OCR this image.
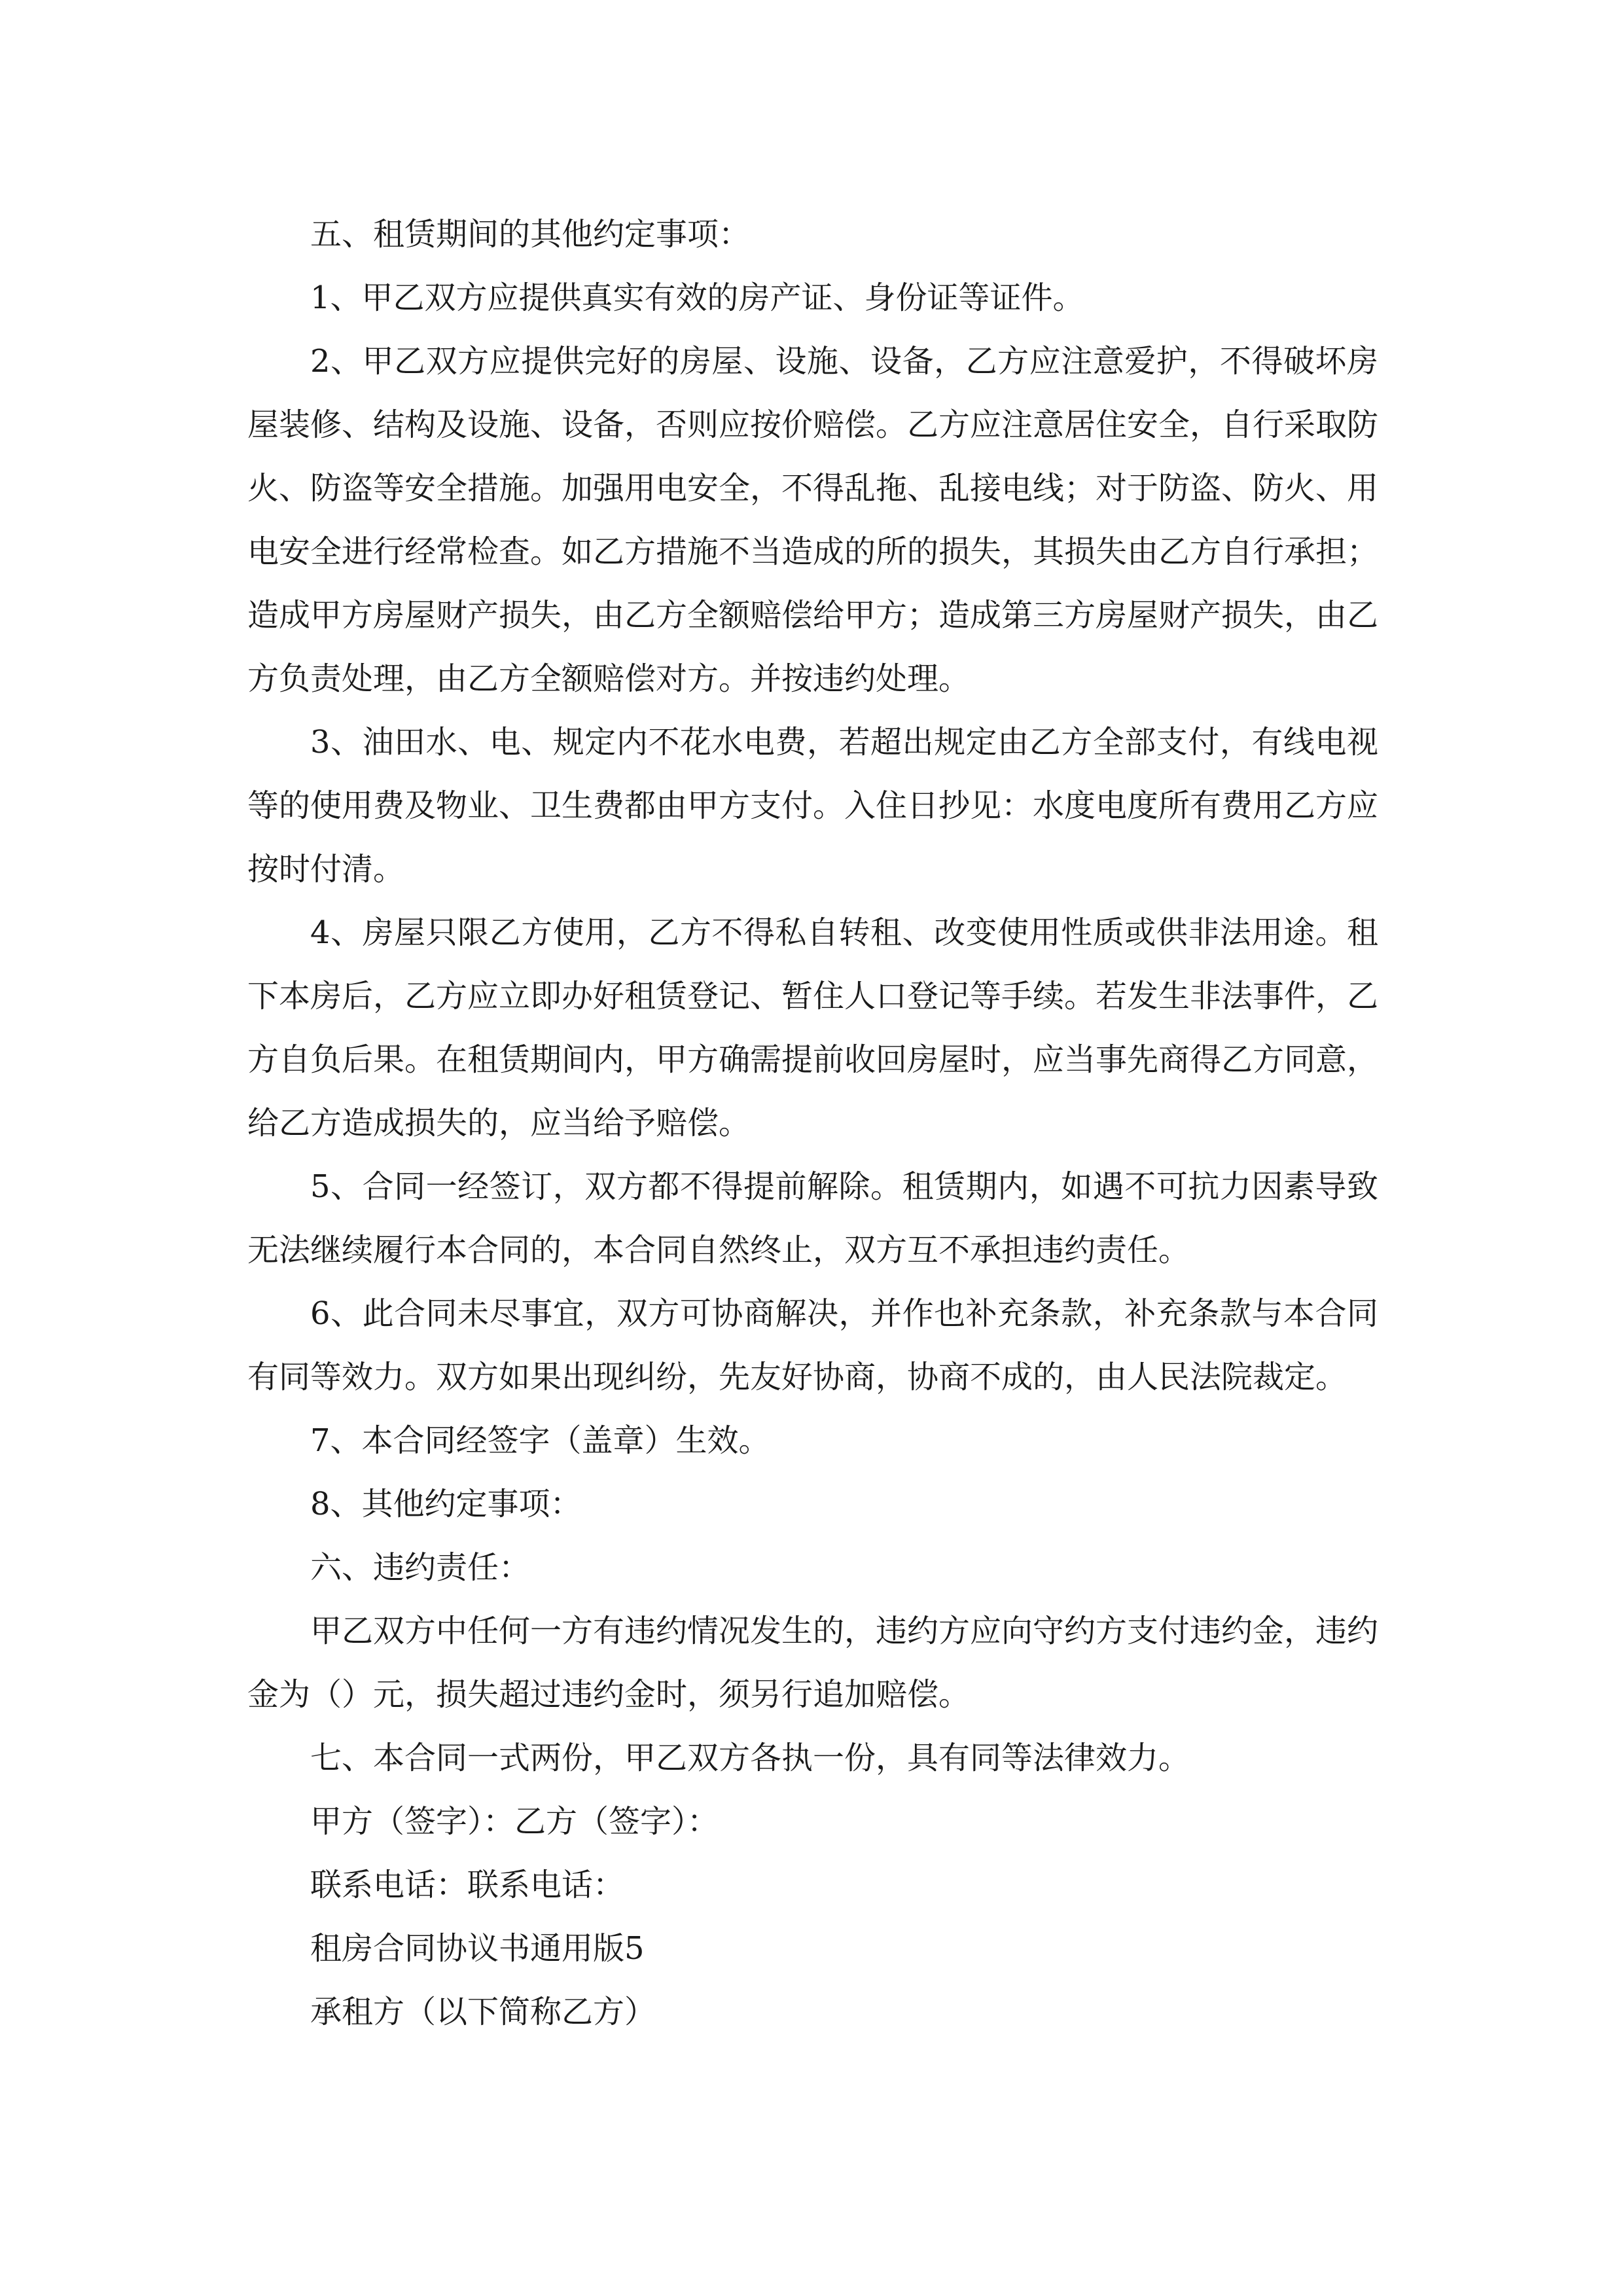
五、租赁期间的其他约定事项：

1、甲乙双方应提供真实有效的房产证、身份证等证件。

2、甲乙双方应提供完好的房屋、设施、设备，乙方应注意爱护，不得破坏房屋装修、结构及设施、设备，否则应按价赔偿。乙方应注意居住安全，自行采取防火、防盗等安全措施。加强用电安全，不得乱拖、乱接电线；对于防盗、防火、用电安全进行经常检查。如乙方措施不当造成的所的损失，其损失由乙方自行承担；造成甲方房屋财产损失，由乙方全额赔偿给甲方；造成第三方房屋财产损失，由乙方负责处理，由乙方全额赔偿对方。并按违约处理。

3、油田水、电、规定内不花水电费，若超出规定由乙方全部支付，有线电视等的使用费及物业、卫生费都由甲方支付。入住日抄见：水度电度所有费用乙方应按时付清。

4、房屋只限乙方使用，乙方不得私自转租、改变使用性质或供非法用途。租下本房后，乙方应立即办好租赁登记、暂住人口登记等手续。若发生非法事件，乙方自负后果。在租赁期间内，甲方确需提前收回房屋时，应当事先商得乙方同意，给乙方造成损失的，应当给予赔偿。

5、合同一经签订，双方都不得提前解除。租赁期内，如遇不可抗力因素导致无法继续履行本合同的，本合同自然终止，双方互不承担违约责任。

6、此合同未尽事宜，双方可协商解决，并作也补充条款，补充条款与本合同有同等效力。双方如果出现纠纷，先友好协商，协商不成的，由人民法院裁定。

7、本合同经签字（盖章）生效。

8、其他约定事项：

六、违约责任：

甲乙双方中任何一方有违约情况发生的，违约方应向守约方支付违约金，违约金为（）元，损失超过违约金时，须另行追加赔偿。

七、本合同一式两份，甲乙双方各执一份，具有同等法律效力。

甲方（签字）：乙方（签字）：

联系电话：联系电话：

租房合同协议书通用版5

承租方（以下简称乙方）
